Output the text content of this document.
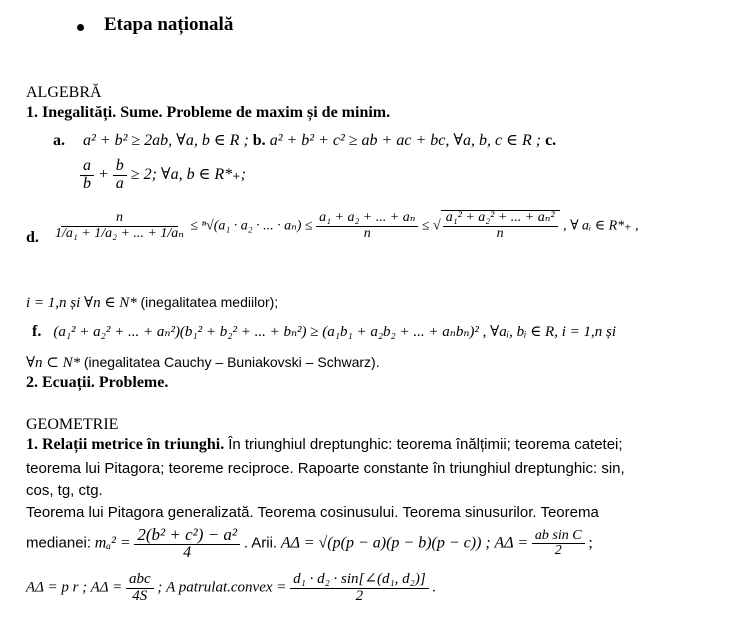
Etapa națională
ALGEBRĂ
1. Inegalități. Sume. Probleme de maxim și de minim.
a. a² + b² ≥ 2ab, ∀a, b ∈ R ; b. a² + b² + c² ≥ ab + ac + bc, ∀a, b, c ∈ R ; c.
$\frac{a}{b} + \frac{b}{a} \ge 2$; ∀a, b ∈ R*₊;
d. $\frac{n}{\text{1/a₁ + 1/a₂ + ... + 1/aₙ}} \le ^n√(a_1 \cdot a_2$ · ... · $a_n) \le \frac{\text{a₁ + a₂ + ... + aₙ}}{n}$ ≤ √ $\frac{\text{a₁² + a₂² + ... + aₙ²}}{n}$ , ∀ aᵢ ∈ R*₊ ,
i = 1,n și ∀n ∈ N* (inegalitatea mediilor);
f. (a₁² + a₂² + ... + aₙ²)(b₁² + b₂² + ... + bₙ²) ≥ (a₁b₁ + a₂b₂ + ... + aₙbₙ)² , ∀aᵢ, bᵢ ∈ R, i = 1,n și
∀n ⊂ N* (inegalitatea Cauchy – Buniakovski – Schwarz).
2. Ecuații. Probleme.
GEOMETRIE
1. Relații metrice în triunghi. În triunghiul dreptunghic: teorema înălțimii; teorema catetei;
teorema lui Pitagora; teoreme reciproce. Rapoarte constante în triunghiul dreptunghic: sin,
cos, tg, ctg.
Teorema lui Pitagora generalizată. Teorema cosinusului. Teorema sinusurilor. Teorema
medianei: $m_a^2 = \frac{\text{2(b² + c²) − a²}}{4}$ . Arii. AΔ = √(p(p − a)(p − b)(p − c)) ; $A\Delta = \frac{\text{ab sin C}}{2}$ ;
AΔ = p r ; $A\Delta = \frac{\text{abc}}{4S}$ ; A patrulat.convex = $\frac{\text{d₁ · d₂ · sin[∠(d₁, d₂)]}}{2}$ .
